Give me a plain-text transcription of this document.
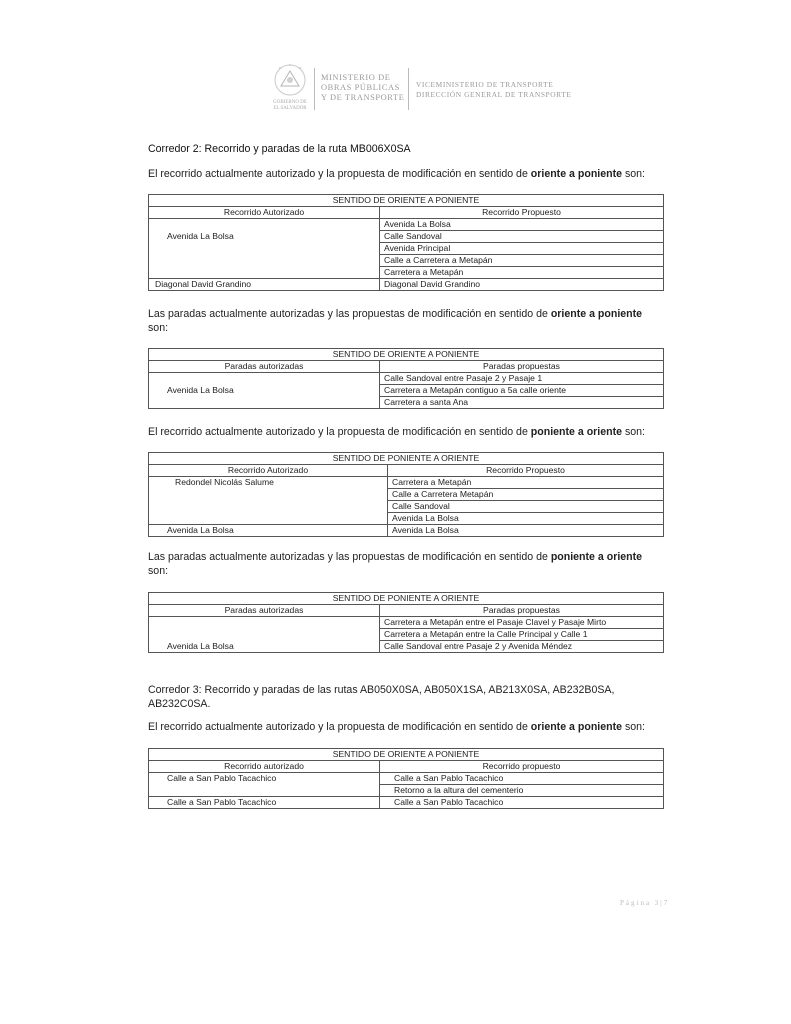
GOBIERNO DE
EL SALVADOR
MINISTERIO DE
OBRAS PÚBLICAS
Y DE TRANSPORTE
VICEMINISTERIO DE TRANSPORTE
DIRECCIÓN GENERAL DE TRANSPORTE
Corredor 2: Recorrido y paradas de la ruta MB006X0SA
El recorrido actualmente autorizado y la propuesta de modificación en sentido de oriente a poniente son:
SENTIDO DE ORIENTE A PONIENTE	
Recorrido Autorizado	Recorrido Propuesto
	Avenida La Bolsa
Avenida La Bolsa	Calle Sandoval
	Avenida Principal
	Calle a Carretera a Metapán
	Carretera a Metapán
Diagonal David Grandino	Diagonal David Grandino
Las paradas actualmente autorizadas y las propuestas de modificación en sentido de oriente a poniente
son:
SENTIDO DE ORIENTE A PONIENTE	
Paradas autorizadas	Paradas propuestas
	Calle Sandoval entre Pasaje 2 y Pasaje 1
Avenida La Bolsa	Carretera a Metapán contiguo a 5a calle oriente
	Carretera a santa Ana
El recorrido actualmente autorizado y la propuesta de modificación en sentido de poniente a oriente son:
SENTIDO DE PONIENTE A ORIENTE	
Recorrido Autorizado	Recorrido Propuesto
Redondel Nicolás Salume	Carretera a Metapán
	Calle a Carretera Metapán
	Calle Sandoval
	Avenida La Bolsa
Avenida La Bolsa	Avenida La Bolsa
Las paradas actualmente autorizadas y las propuestas de modificación en sentido de poniente a oriente
son:
SENTIDO DE PONIENTE A ORIENTE	
Paradas autorizadas	Paradas propuestas
	Carretera a Metapán entre el Pasaje Clavel y Pasaje Mirto
	Carretera a Metapán entre la Calle Principal y Calle 1
Avenida La Bolsa	Calle Sandoval entre Pasaje 2 y Avenida Méndez
Corredor 3: Recorrido y paradas de las rutas AB050X0SA, AB050X1SA, AB213X0SA, AB232B0SA,
AB232C0SA.
El recorrido actualmente autorizado y la propuesta de modificación en sentido de oriente a poniente son:
SENTIDO DE ORIENTE A PONIENTE	
Recorrido autorizado	Recorrido propuesto
Calle a San Pablo Tacachico	Calle a San Pablo Tacachico
	Retorno a la altura del cementerio
Calle a San Pablo Tacachico	Calle a San Pablo Tacachico
Página 3|7
